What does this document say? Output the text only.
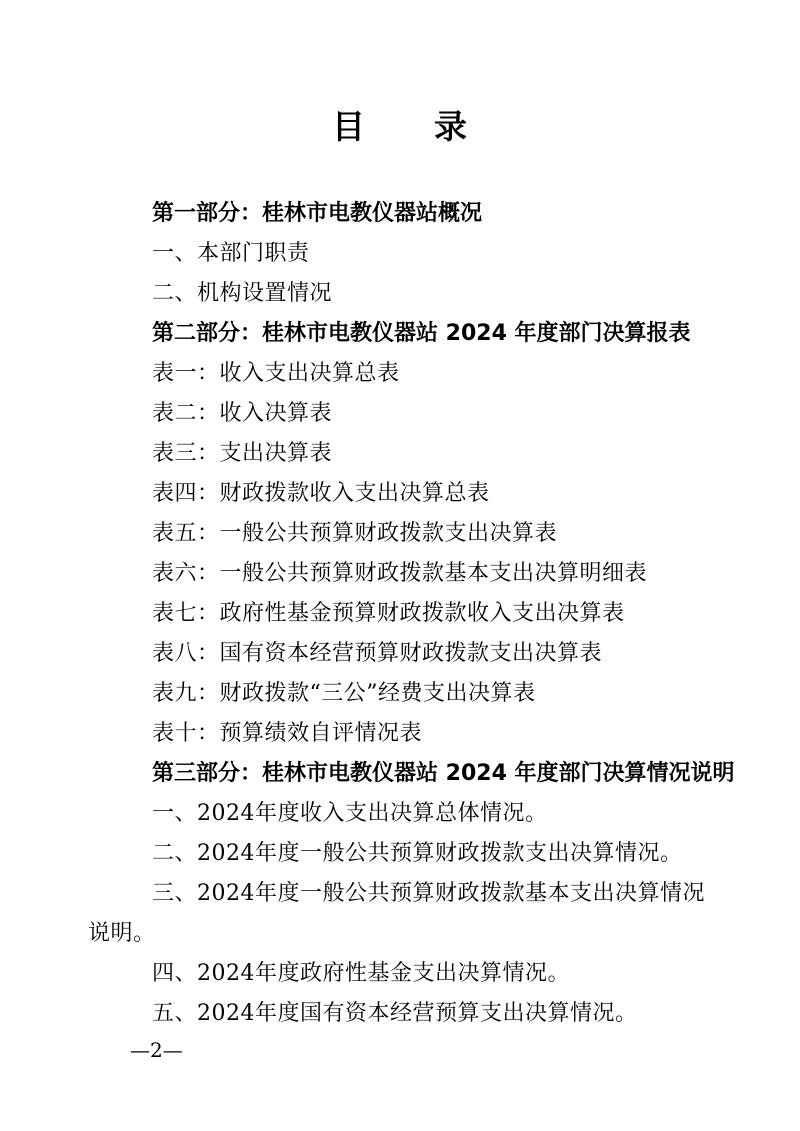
目　　录

第一部分：桂林市电教仪器站概况

一、本部门职责

二、机构设置情况

第二部分：桂林市电教仪器站 2024 年度部门决算报表

表一：收入支出决算总表

表二：收入决算表

表三：支出决算表

表四：财政拨款收入支出决算总表

表五：一般公共预算财政拨款支出决算表

表六：一般公共预算财政拨款基本支出决算明细表

表七：政府性基金预算财政拨款收入支出决算表

表八：国有资本经营预算财政拨款支出决算表

表九：财政拨款“三公”经费支出决算表

表十：预算绩效自评情况表

第三部分：桂林市电教仪器站 2024 年度部门决算情况说明

一、2024年度收入支出决算总体情况。

二、2024年度一般公共预算财政拨款支出决算情况。

三、2024年度一般公共预算财政拨款基本支出决算情况说明。

四、2024年度政府性基金支出决算情况。

五、2024年度国有资本经营预算支出决算情况。

—2—
